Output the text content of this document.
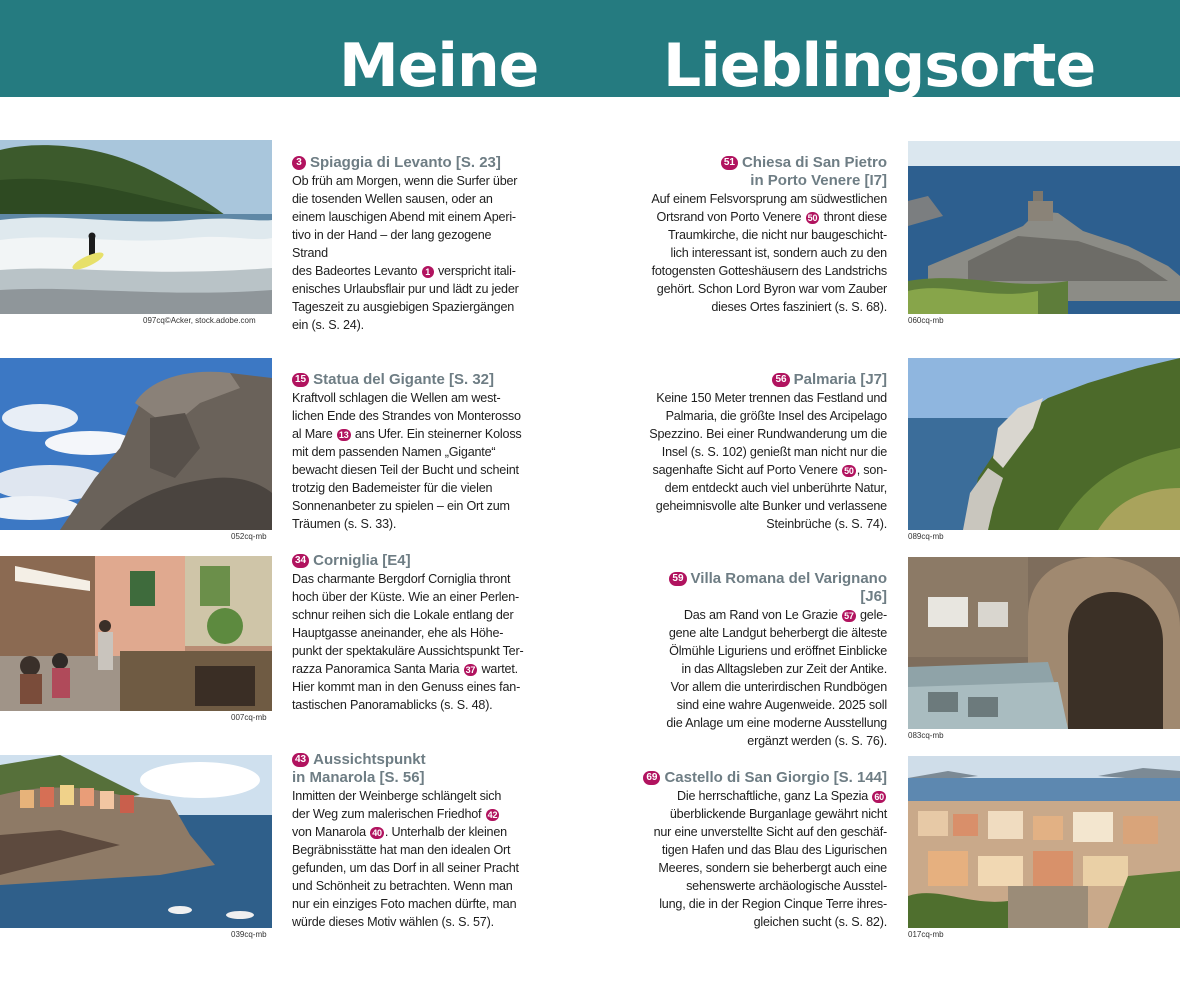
Meine Lieblingsorte
097cq©Acker, stock.adobe.com
3 Spiaggia di Levanto [S. 23]
Ob früh am Morgen, wenn die Surfer über
die tosenden Wellen sausen, oder an
einem lauschigen Abend mit einem Aperi-
tivo in der Hand – der lang gezogene Strand
des Badeortes Levanto 1 verspricht itali-
enisches Urlaubsflair pur und lädt zu jeder
Tageszeit zu ausgiebigen Spaziergängen
ein (s. S. 24).
052cq-mb
15 Statua del Gigante [S. 32]
Kraftvoll schlagen die Wellen am west-
lichen Ende des Strandes von Monterosso
al Mare 13 ans Ufer. Ein steinerner Koloss
mit dem passenden Namen „Gigante“
bewacht diesen Teil der Bucht und scheint
trotzig den Bademeister für die vielen
Sonnenanbeter zu spielen – ein Ort zum
Träumen (s. S. 33).
007cq-mb
34 Corniglia [E4]
Das charmante Bergdorf Corniglia thront
hoch über der Küste. Wie an einer Perlen-
schnur reihen sich die Lokale entlang der
Hauptgasse aneinander, ehe als Höhe-
punkt der spektakuläre Aussichtspunkt Ter-
razza Panoramica Santa Maria 37 wartet.
Hier kommt man in den Genuss eines fan-
tastischen Panoramablicks (s. S. 48).
039cq-mb
43 Aussichtspunkt
in Manarola [S. 56]
Inmitten der Weinberge schlängelt sich
der Weg zum malerischen Friedhof 42
von Manarola 40 . Unterhalb der kleinen
Begräbnisstätte hat man den idealen Ort
gefunden, um das Dorf in all seiner Pracht
und Schönheit zu betrachten. Wenn man
nur ein einziges Foto machen dürfte, man
würde dieses Motiv wählen (s. S. 57).
51 Chiesa di San Pietro
in Porto Venere [I7]
Auf einem Felsvorsprung am südwestlichen
Ortsrand von Porto Venere 50 thront diese
Traumkirche, die nicht nur baugeschicht-
lich interessant ist, sondern auch zu den
fotogensten Gotteshäusern des Landstrichs
gehört. Schon Lord Byron war vom Zauber
dieses Ortes fasziniert (s. S. 68).
060cq-mb
56 Palmaria [J7]
Keine 150 Meter trennen das Festland und
Palmaria, die größte Insel des Arcipelago
Spezzino. Bei einer Rundwanderung um die
Insel (s. S. 102) genießt man nicht nur die
sagenhafte Sicht auf Porto Venere 50 , son-
dem entdeckt auch viel unberührte Natur,
geheimnisvolle alte Bunker und verlassene
Steinbrüche (s. S. 74).
089cq-mb
59 Villa Romana del Varignano [J6]
Das am Rand von Le Grazie 57 gele-
gene alte Landgut beherbergt die älteste
Ölmühle Liguriens und eröffnet Einblicke
in das Alltagsleben zur Zeit der Antike.
Vor allem die unterirdischen Rundbögen
sind eine wahre Augenweide. 2025 soll
die Anlage um eine moderne Ausstellung
ergänzt werden (s. S. 76).	083cq-mb
69 Castello di San Giorgio [S. 144]
Die herrschaftliche, ganz La Spezia 60
überblickende Burganlage gewährt nicht
nur eine unverstellte Sicht auf den geschäf-
tigen Hafen und das Blau des Ligurischen
Meeres, sondern sie beherbergt auch eine
sehenswerte archäologische Ausstel-
lung, die in der Region Cinque Terre ihres-
gleichen sucht (s. S. 82).
017cq-mb
